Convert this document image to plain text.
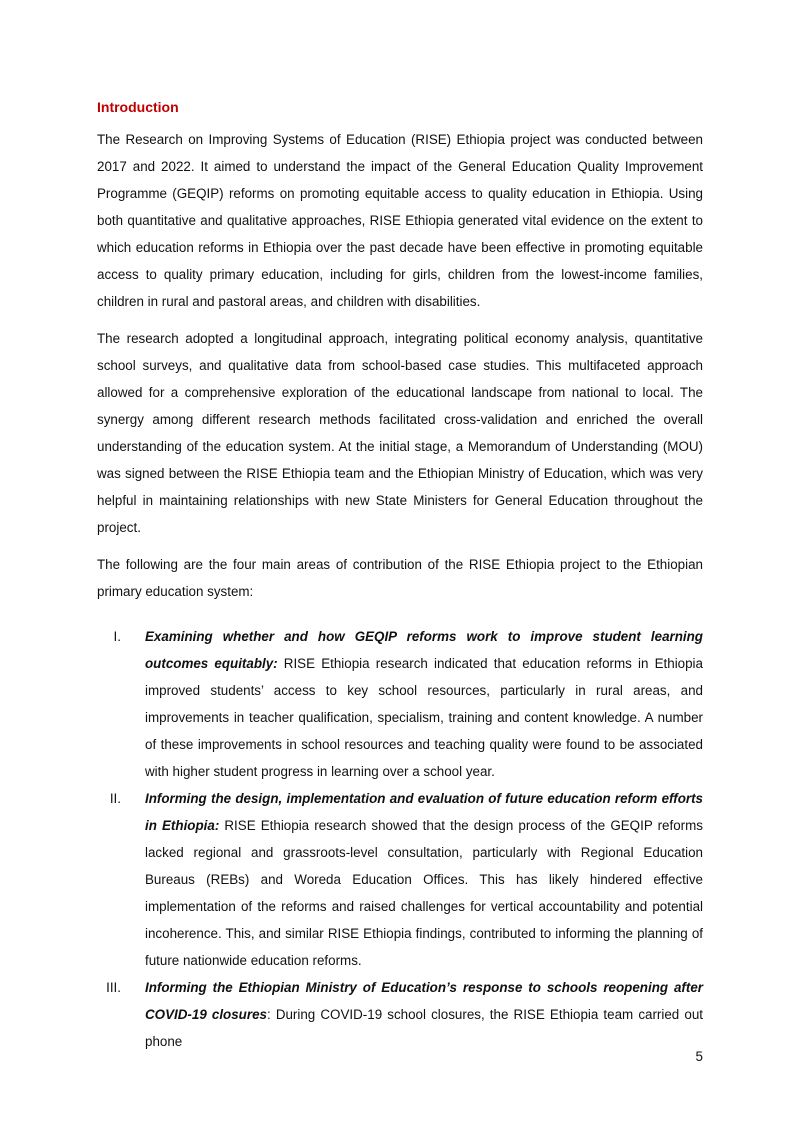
Introduction

The Research on Improving Systems of Education (RISE) Ethiopia project was conducted between 2017 and 2022. It aimed to understand the impact of the General Education Quality Improvement Programme (GEQIP) reforms on promoting equitable access to quality education in Ethiopia. Using both quantitative and qualitative approaches, RISE Ethiopia generated vital evidence on the extent to which education reforms in Ethiopia over the past decade have been effective in promoting equitable access to quality primary education, including for girls, children from the lowest-income families, children in rural and pastoral areas, and children with disabilities.

The research adopted a longitudinal approach, integrating political economy analysis, quantitative school surveys, and qualitative data from school-based case studies. This multifaceted approach allowed for a comprehensive exploration of the educational landscape from national to local. The synergy among different research methods facilitated cross-validation and enriched the overall understanding of the education system. At the initial stage, a Memorandum of Understanding (MOU) was signed between the RISE Ethiopia team and the Ethiopian Ministry of Education, which was very helpful in maintaining relationships with new State Ministers for General Education throughout the project.

The following are the four main areas of contribution of the RISE Ethiopia project to the Ethiopian primary education system:

I. Examining whether and how GEQIP reforms work to improve student learning outcomes equitably: RISE Ethiopia research indicated that education reforms in Ethiopia improved students’ access to key school resources, particularly in rural areas, and improvements in teacher qualification, specialism, training and content knowledge. A number of these improvements in school resources and teaching quality were found to be associated with higher student progress in learning over a school year.
II. Informing the design, implementation and evaluation of future education reform efforts in Ethiopia: RISE Ethiopia research showed that the design process of the GEQIP reforms lacked regional and grassroots-level consultation, particularly with Regional Education Bureaus (REBs) and Woreda Education Offices. This has likely hindered effective implementation of the reforms and raised challenges for vertical accountability and potential incoherence. This, and similar RISE Ethiopia findings, contributed to informing the planning of future nationwide education reforms.
III. Informing the Ethiopian Ministry of Education’s response to schools reopening after COVID-19 closures: During COVID-19 school closures, the RISE Ethiopia team carried out phone
5
